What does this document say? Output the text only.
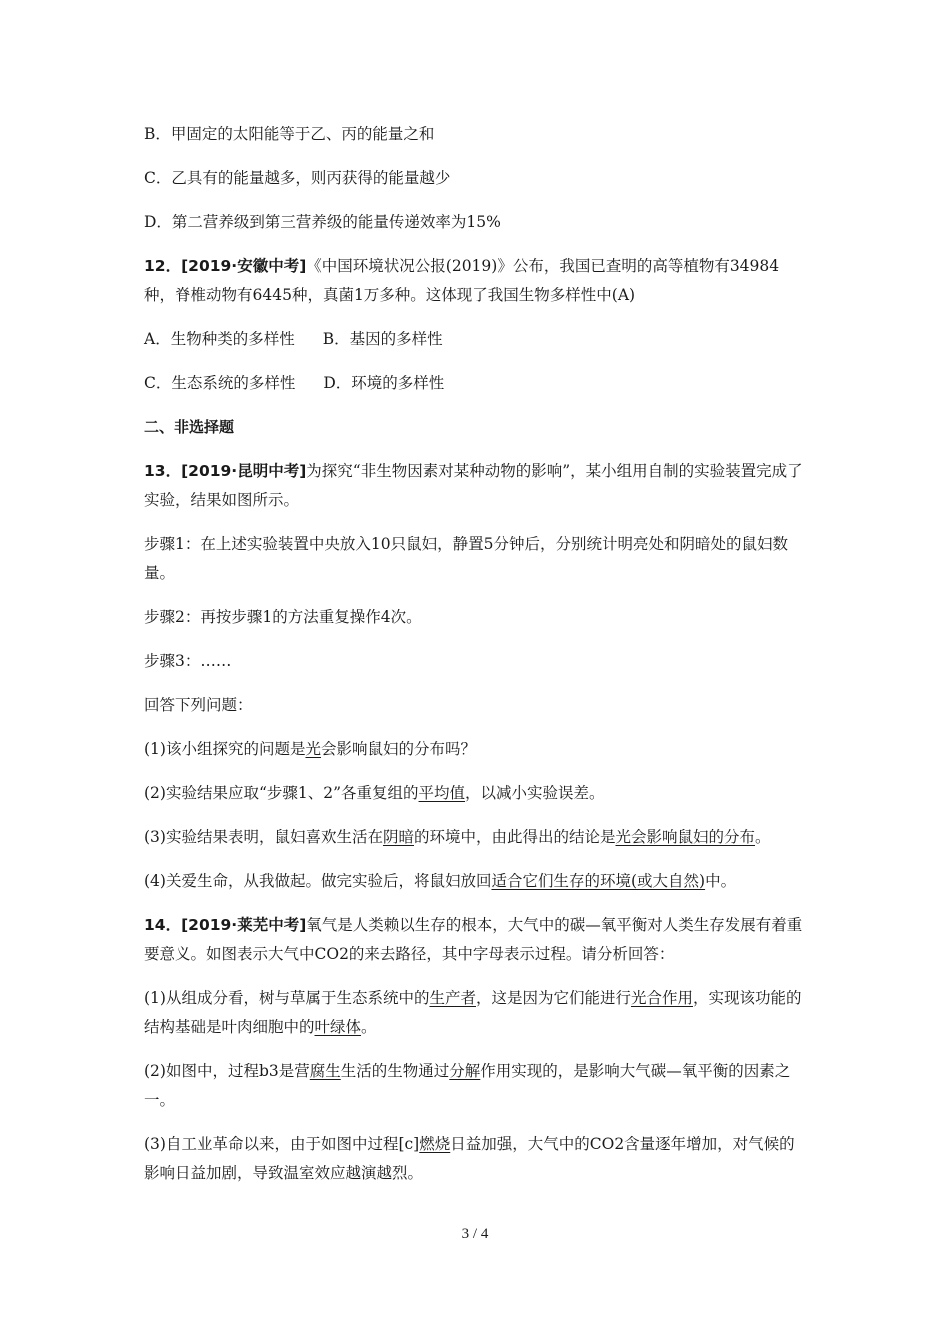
B．甲固定的太阳能等于乙、丙的能量之和

C．乙具有的能量越多，则丙获得的能量越少

D．第二营养级到第三营养级的能量传递效率为15%

12．[2019·安徽中考]《中国环境状况公报(2019)》公布，我国已查明的高等植物有34984种，脊椎动物有6445种，真菌1万多种。这体现了我国生物多样性中(A)

A．生物种类的多样性 B．基因的多样性

C．生态系统的多样性 D．环境的多样性

二、非选择题

13．[2019·昆明中考]为探究“非生物因素对某种动物的影响”，某小组用自制的实验装置完成了实验，结果如图所示。

步骤1：在上述实验装置中央放入10只鼠妇，静置5分钟后，分别统计明亮处和阴暗处的鼠妇数量。

步骤2：再按步骤1的方法重复操作4次。

步骤3：……

回答下列问题：

(1)该小组探究的问题是光会影响鼠妇的分布吗？

(2)实验结果应取“步骤1、2”各重复组的平均值，以减小实验误差。

(3)实验结果表明，鼠妇喜欢生活在阴暗的环境中，由此得出的结论是光会影响鼠妇的分布。

(4)关爱生命，从我做起。做完实验后，将鼠妇放回适合它们生存的环境(或大自然)中。

14．[2019·莱芜中考]氧气是人类赖以生存的根本，大气中的碳—氧平衡对人类生存发展有着重要意义。如图表示大气中CO2的来去路径，其中字母表示过程。请分析回答：

(1)从组成分看，树与草属于生态系统中的生产者，这是因为它们能进行光合作用，实现该功能的结构基础是叶肉细胞中的叶绿体。

(2)如图中，过程b3是营腐生生活的生物通过分解作用实现的，是影响大气碳—氧平衡的因素之一。

(3)自工业革命以来，由于如图中过程[c]燃烧日益加强，大气中的CO2含量逐年增加，对气候的影响日益加剧，导致温室效应越演越烈。

3 / 4
